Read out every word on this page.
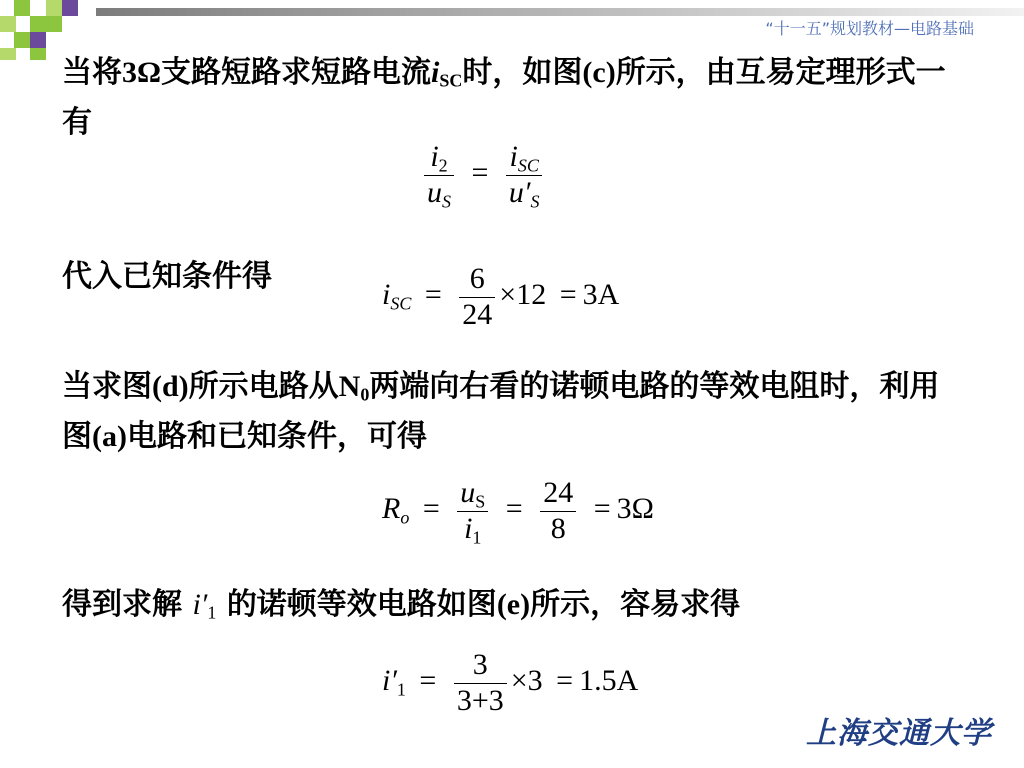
“十一五”规划教材—电路基础
当将3Ω支路短路求短路电流$i_{SC}$时，如图(c)所示，由互易定理形式一有
$\frac{i2}{uS} = \frac{\text{iSC}}{u'S}$
代入已知条件得
iSC = $\frac{6}{24} \times 12 = 3A$
当求图(d)所示电路从$N_0$两端向右看的诺顿电路的等效电阻时，利用图(a)电路和已知条件，可得
$Ro = \frac{uS}{i1} = \frac{24}{8} = 3\Omega$
得到求解 $i'_1$ 的诺顿等效电路如图(e)所示，容易求得
$i'1 = \frac{3}{3+3} \times 3 = 1.5A$
上海交通大学
